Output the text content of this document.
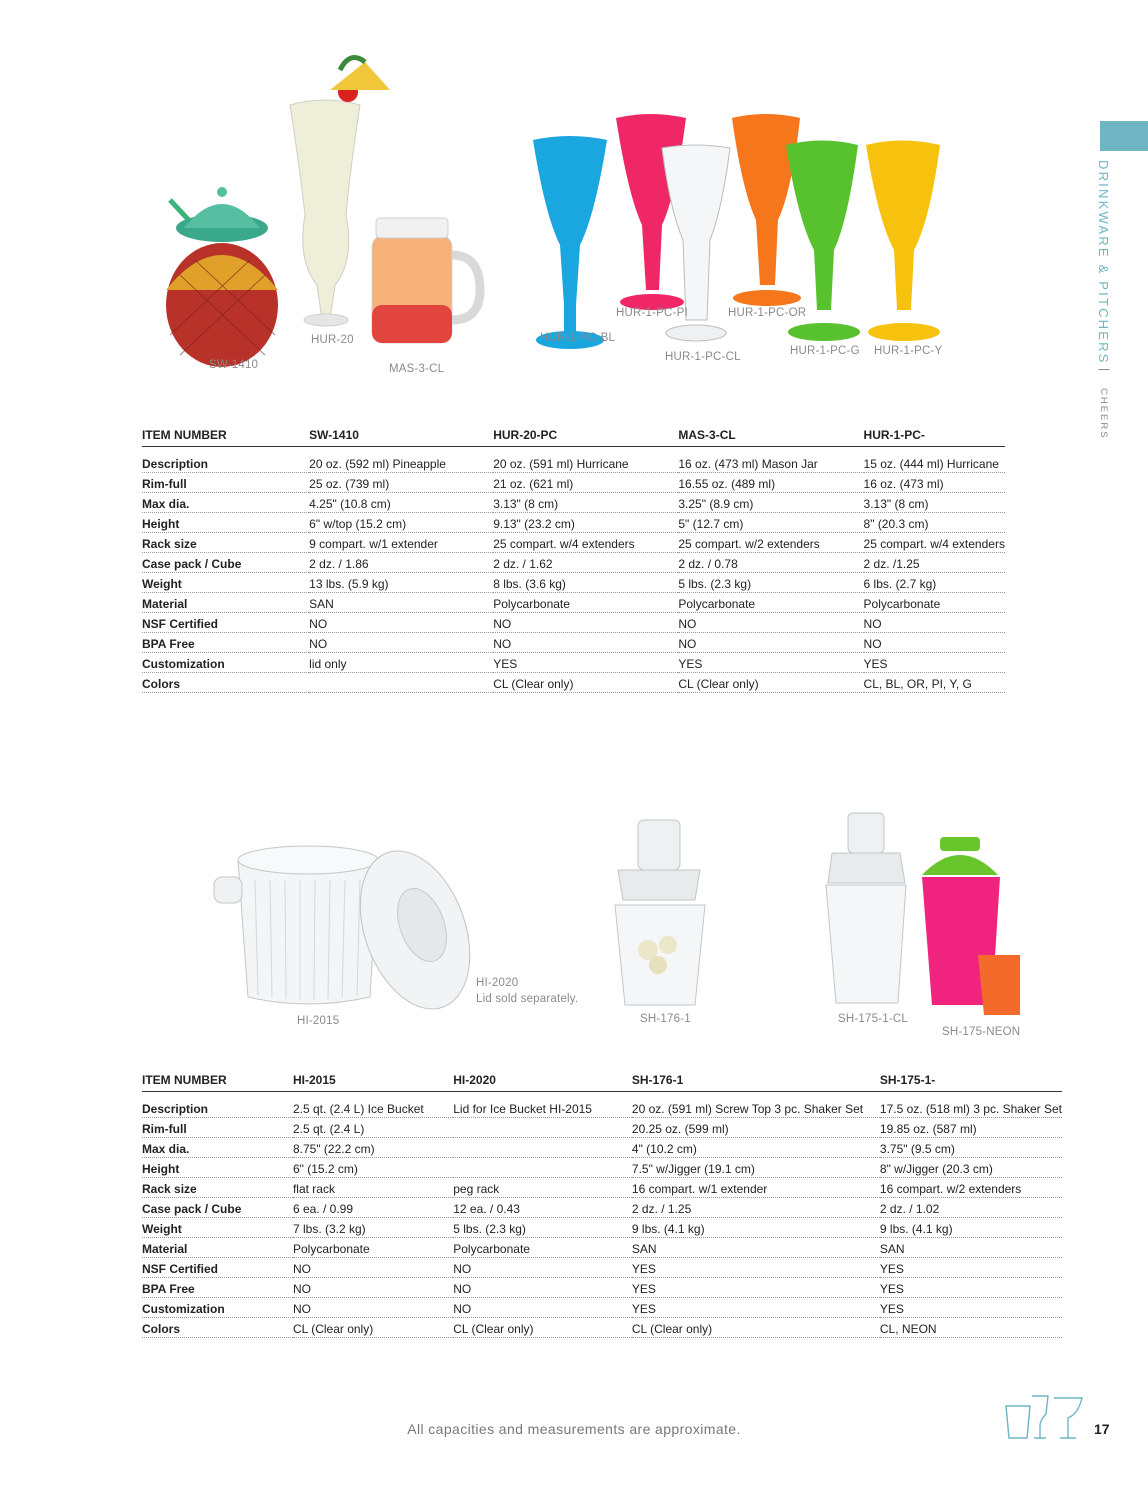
DRINKWARE & PITCHERS
|
CHEERS
SW-1410
HUR-20
MAS-3-CL
HUR-1-PC-BL
HUR-1-PC-PI
HUR-1-PC-CL
HUR-1-PC-OR
HUR-1-PC-G HUR-1-PC-Y
ITEM NUMBER	SW-1410	HUR-20-PC	MAS-3-CL	HUR-1-PC-
Description	20 oz. (592 ml) Pineapple	20 oz. (591 ml) Hurricane	16 oz. (473 ml) Mason Jar	15 oz. (444 ml) Hurricane
Rim-full	25 oz. (739 ml)	21 oz. (621 ml)	16.55 oz. (489 ml)	16 oz. (473 ml)
Max dia.	4.25" (10.8 cm)	3.13" (8 cm)	3.25" (8.9 cm)	3.13" (8 cm)
Height	6" w/top (15.2 cm)	9.13" (23.2 cm)	5" (12.7 cm)	8" (20.3 cm)
Rack size	9 compart. w/1 extender	25 compart. w/4 extenders	25 compart. w/2 extenders	25 compart. w/4 extenders
Case pack / Cube	2 dz. / 1.86	2 dz. / 1.62	2 dz. / 0.78	2 dz. /1.25
Weight	13 lbs. (5.9 kg)	8 lbs. (3.6 kg)	5 lbs. (2.3 kg)	6 lbs. (2.7 kg)
Material	SAN	Polycarbonate	Polycarbonate	Polycarbonate
NSF Certified	NO	NO	NO	NO
BPA Free	NO	NO	NO	NO
Customization	lid only	YES	YES	YES
Colors		CL (Clear only)	CL (Clear only)	CL, BL, OR, PI, Y, G
HI-2015
HI-2020
Lid sold separately.
SH-176-1	SH-175-1-CL
SH-175-NEON
ITEM NUMBER	HI-2015	HI-2020	SH-176-1	SH-175-1-
Description	2.5 qt. (2.4 L) Ice Bucket	Lid for Ice Bucket HI-2015	20 oz. (591 ml) Screw Top 3 pc. Shaker Set	17.5 oz. (518 ml) 3 pc. Shaker Set
Rim-full	2.5 qt. (2.4 L)		20.25 oz. (599 ml)	19.85 oz. (587 ml)
Max dia.	8.75" (22.2 cm)		4" (10.2 cm)	3.75" (9.5 cm)
Height	6" (15.2 cm)		7.5" w/Jigger (19.1 cm)	8" w/Jigger (20.3 cm)
Rack size	flat rack	peg rack	16 compart. w/1 extender	16 compart. w/2 extenders
Case pack / Cube	6 ea. / 0.99	12 ea. / 0.43	2 dz. / 1.25	2 dz. / 1.02
Weight	7 lbs. (3.2 kg)	5 lbs. (2.3 kg)	9 lbs. (4.1 kg)	9 lbs. (4.1 kg)
Material	Polycarbonate	Polycarbonate	SAN	SAN
NSF Certified	NO	NO	YES	YES
BPA Free	NO	NO	YES	YES
Customization	NO	NO	YES	YES
Colors	CL (Clear only)	CL (Clear only)	CL (Clear only)	CL, NEON
All capacities and measurements are approximate.	17
